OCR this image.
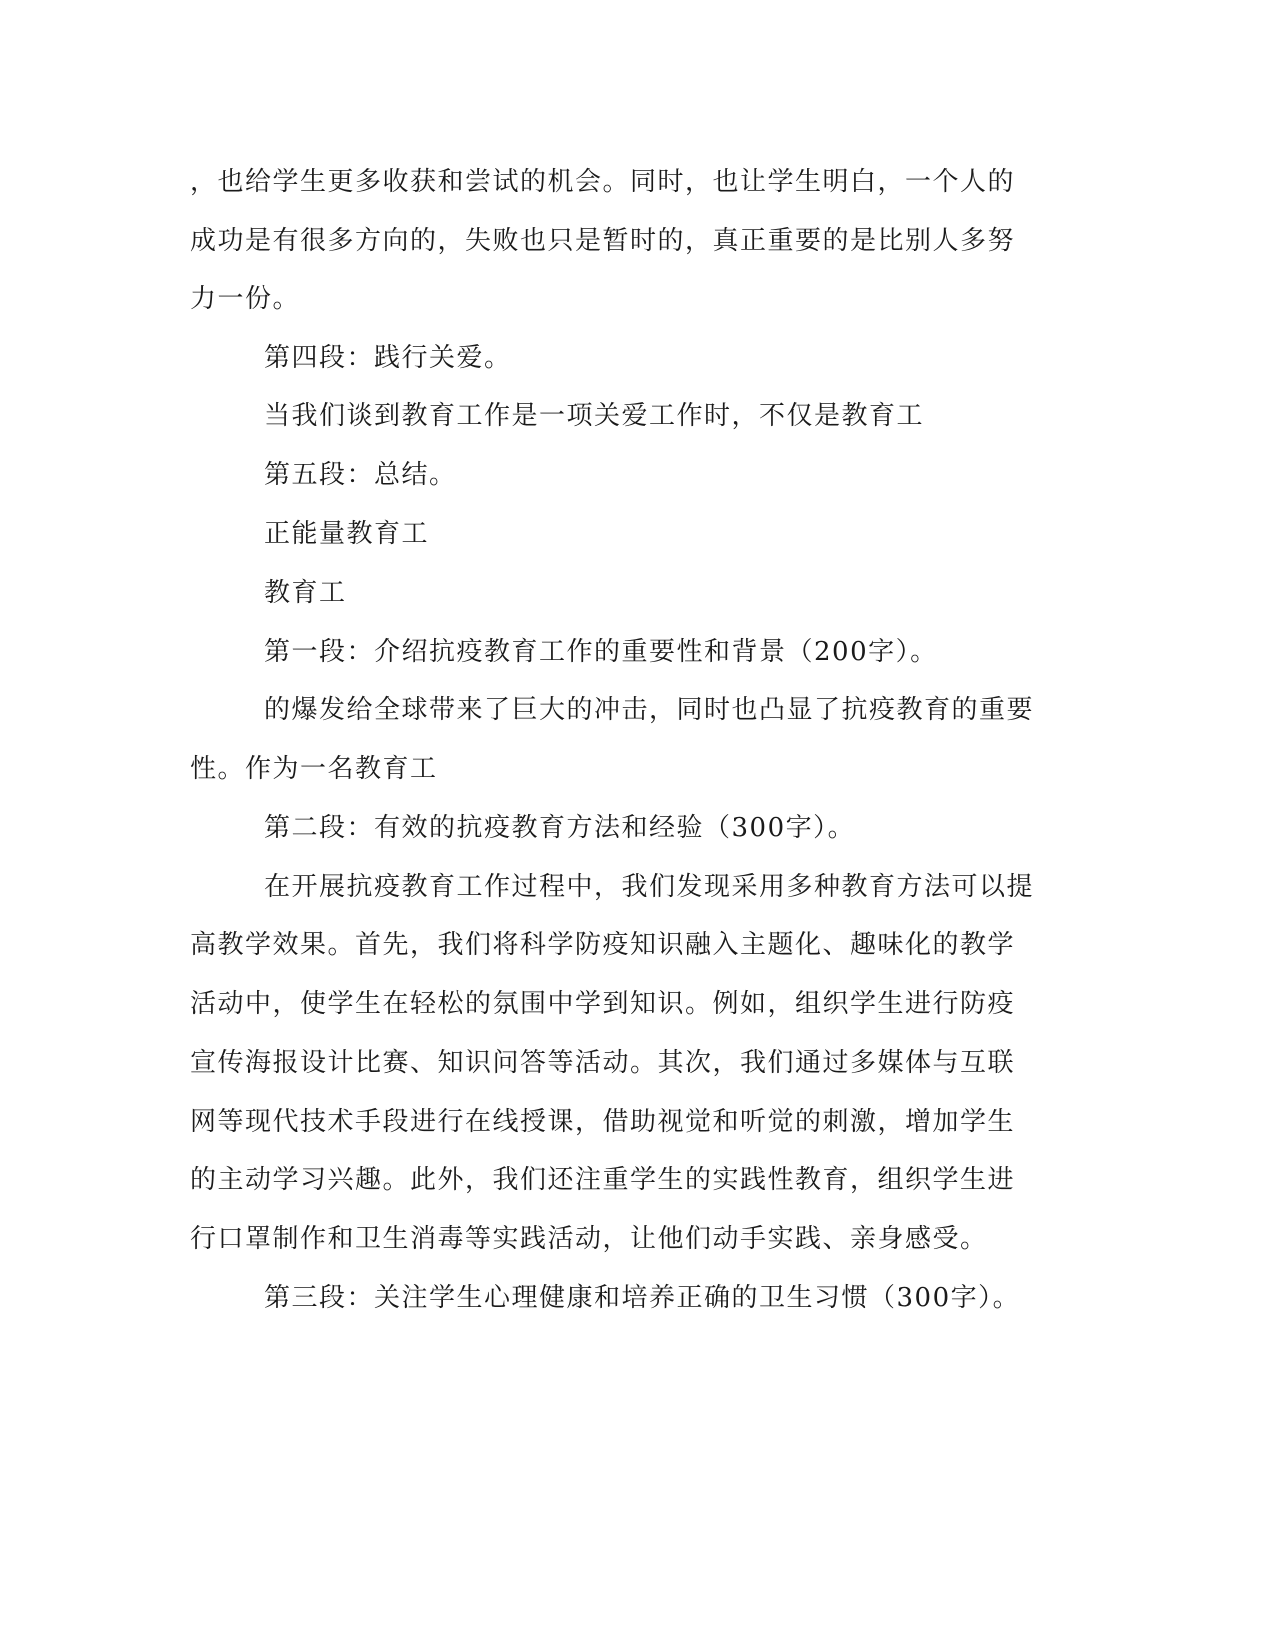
，也给学生更多收获和尝试的机会。同时，也让学生明白，一个人的
成功是有很多方向的，失败也只是暂时的，真正重要的是比别人多努
力一份。
第四段：践行关爱。
当我们谈到教育工作是一项关爱工作时，不仅是教育工
第五段：总结。
正能量教育工
教育工
第一段：介绍抗疫教育工作的重要性和背景（200字）。
的爆发给全球带来了巨大的冲击，同时也凸显了抗疫教育的重要
性。作为一名教育工
第二段：有效的抗疫教育方法和经验（300字）。
在开展抗疫教育工作过程中，我们发现采用多种教育方法可以提
高教学效果。首先，我们将科学防疫知识融入主题化、趣味化的教学
活动中，使学生在轻松的氛围中学到知识。例如，组织学生进行防疫
宣传海报设计比赛、知识问答等活动。其次，我们通过多媒体与互联
网等现代技术手段进行在线授课，借助视觉和听觉的刺激，增加学生
的主动学习兴趣。此外，我们还注重学生的实践性教育，组织学生进
行口罩制作和卫生消毒等实践活动，让他们动手实践、亲身感受。
第三段：关注学生心理健康和培养正确的卫生习惯（300字）。
